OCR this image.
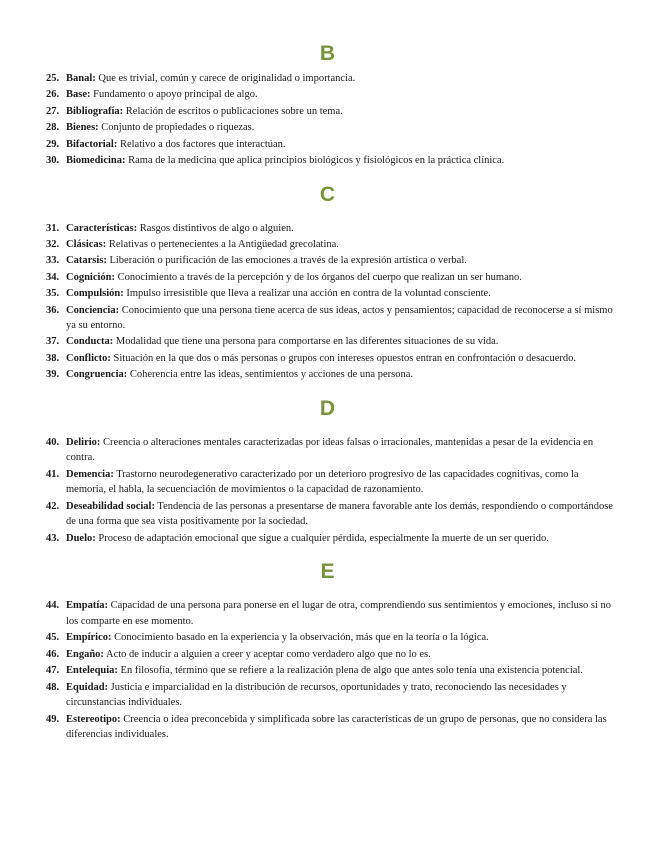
B
25. Banal: Que es trivial, común y carece de originalidad o importancia.
26. Base: Fundamento o apoyo principal de algo.
27. Bibliografía: Relación de escritos o publicaciones sobre un tema.
28. Bienes: Conjunto de propiedades o riquezas.
29. Bifactorial: Relativo a dos factores que interactúan.
30. Biomedicina: Rama de la medicina que aplica principios biológicos y fisiológicos en la práctica clínica.
C
31. Características: Rasgos distintivos de algo o alguien.
32. Clásicas: Relativas o pertenecientes a la Antigüedad grecolatina.
33. Catarsis: Liberación o purificación de las emociones a través de la expresión artística o verbal.
34. Cognición: Conocimiento a través de la percepción y de los órganos del cuerpo que realizan un ser humano.
35. Compulsión: Impulso irresistible que lleva a realizar una acción en contra de la voluntad consciente.
36. Conciencia: Conocimiento que una persona tiene acerca de sus ideas, actos y pensamientos; capacidad de reconocerse a sí mismo ya su entorno.
37. Conducta: Modalidad que tiene una persona para comportarse en las diferentes situaciones de su vida.
38. Conflicto: Situación en la que dos o más personas o grupos con intereses opuestos entran en confrontación o desacuerdo.
39. Congruencia: Coherencia entre las ideas, sentimientos y acciones de una persona.
D
40. Delirio: Creencia o alteraciones mentales caracterizadas por ideas falsas o irracionales, mantenidas a pesar de la evidencia en contra.
41. Demencia: Trastorno neurodegenerativo caracterizado por un deterioro progresivo de las capacidades cognitivas, como la memoria, el habla, la secuenciación de movimientos o la capacidad de razonamiento.
42. Deseabilidad social: Tendencia de las personas a presentarse de manera favorable ante los demás, respondiendo o comportándose de una forma que sea vista positivamente por la sociedad.
43. Duelo: Proceso de adaptación emocional que sigue a cualquier pérdida, especialmente la muerte de un ser querido.
E
44. Empatía: Capacidad de una persona para ponerse en el lugar de otra, comprendiendo sus sentimientos y emociones, incluso si no los comparte en ese momento.
45. Empírico: Conocimiento basado en la experiencia y la observación, más que en la teoría o la lógica.
46. Engaño: Acto de inducir a alguien a creer y aceptar como verdadero algo que no lo es.
47. Entelequia: En filosofía, término que se refiere a la realización plena de algo que antes solo tenía una existencia potencial.
48. Equidad: Justicia e imparcialidad en la distribución de recursos, oportunidades y trato, reconociendo las necesidades y circunstancias individuales.
49. Estereotipo: Creencia o idea preconcebida y simplificada sobre las características de un grupo de personas, que no considera las diferencias individuales.
